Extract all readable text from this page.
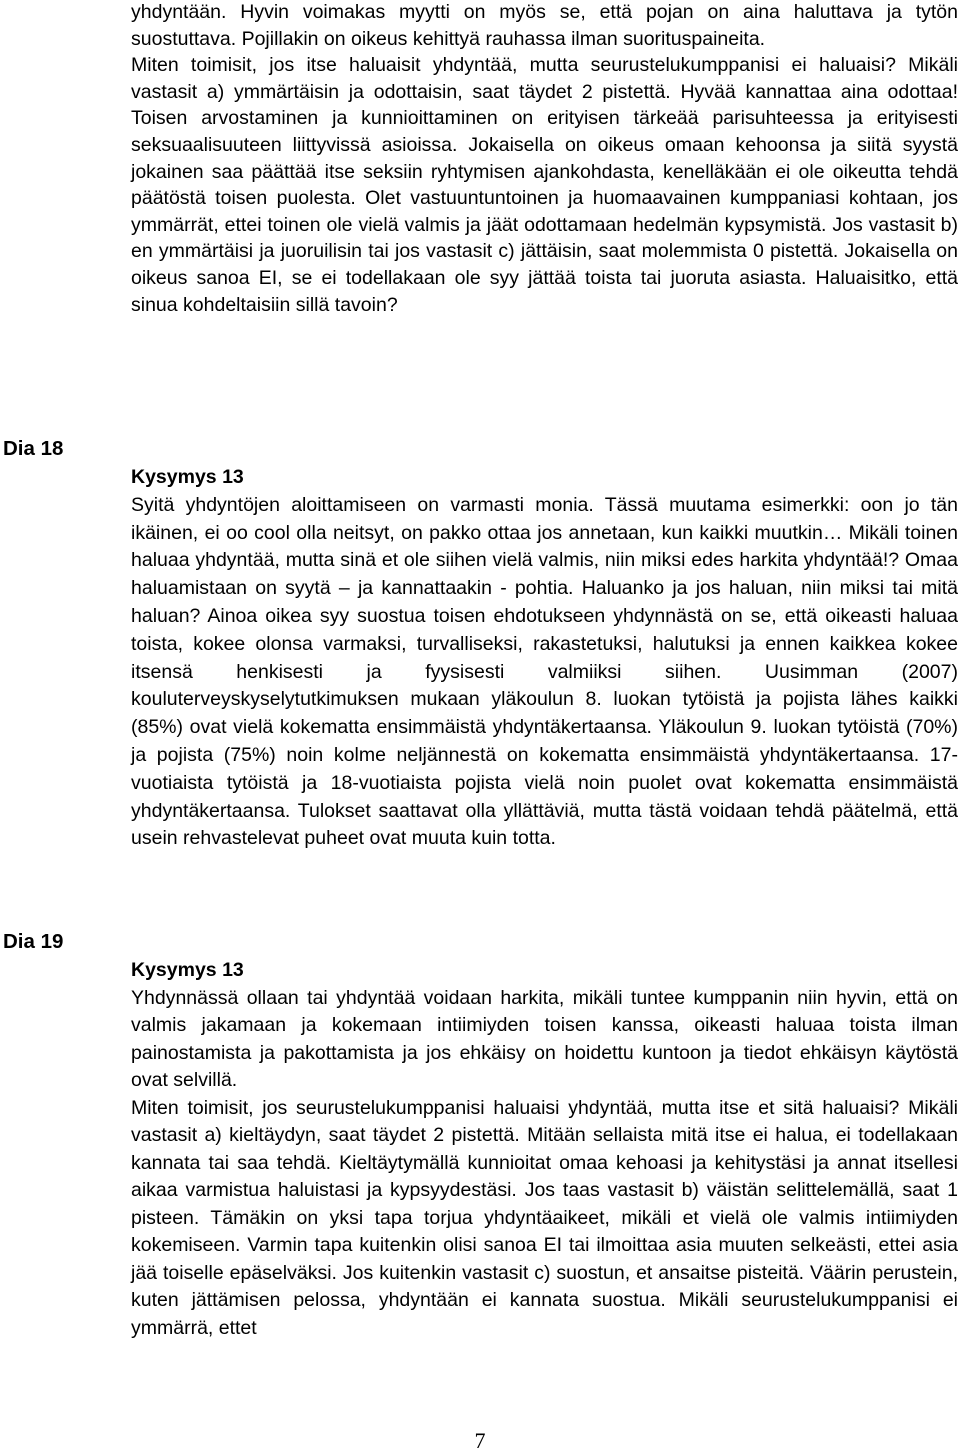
yhdyntään. Hyvin voimakas myytti on myös se, että pojan on aina haluttava ja tytön suostuttava. Pojillakin on oikeus kehittyä rauhassa ilman suorituspaineita.

Miten toimisit, jos itse haluaisit yhdyntää, mutta seurustelukumppanisi ei haluaisi? Mikäli vastasit a) ymmärtäisin ja odottaisin, saat täydet 2 pistettä. Hyvää kannattaa aina odottaa! Toisen arvostaminen ja kunnioittaminen on erityisen tärkeää parisuhteessa ja erityisesti seksuaalisuuteen liittyvissä asioissa. Jokaisella on oikeus omaan kehoonsa ja siitä syystä jokainen saa päättää itse seksiin ryhtymisen ajankohdasta, kenelläkään ei ole oikeutta tehdä päätöstä toisen puolesta. Olet vastuuntuntoinen ja huomaavainen kumppaniasi kohtaan, jos ymmärrät, ettei toinen ole vielä valmis ja jäät odottamaan hedelmän kypsymistä. Jos vastasit b) en ymmärtäisi ja juoruilisin tai jos vastasit c) jättäisin, saat molemmista 0 pistettä. Jokaisella on oikeus sanoa EI, se ei todellakaan ole syy jättää toista tai juoruta asiasta. Haluaisitko, että sinua kohdeltaisiin sillä tavoin?

Dia 18

Kysymys 13

Syitä yhdyntöjen aloittamiseen on varmasti monia. Tässä muutama esimerkki: oon jo tän ikäinen, ei oo cool olla neitsyt, on pakko ottaa jos annetaan, kun kaikki muutkin… Mikäli toinen haluaa yhdyntää, mutta sinä et ole siihen vielä valmis, niin miksi edes harkita yhdyntää!? Omaa haluamistaan on syytä – ja kannattaakin - pohtia. Haluanko ja jos haluan, niin miksi tai mitä haluan? Ainoa oikea syy suostua toisen ehdotukseen yhdynnästä on se, että oikeasti haluaa toista, kokee olonsa varmaksi, turvalliseksi, rakastetuksi, halutuksi ja ennen kaikkea kokee itsensä henkisesti ja fyysisesti valmiiksi siihen. Uusimman (2007) kouluterveyskyselytutkimuksen mukaan yläkoulun 8. luokan tytöistä ja pojista lähes kaikki (85%) ovat vielä kokematta ensimmäistä yhdyntäkertaansa. Yläkoulun 9. luokan tytöistä (70%) ja pojista (75%) noin kolme neljännestä on kokematta ensimmäistä yhdyntäkertaansa. 17-vuotiaista tytöistä ja 18-vuotiaista pojista vielä noin puolet ovat kokematta ensimmäistä yhdyntäkertaansa. Tulokset saattavat olla yllättäviä, mutta tästä voidaan tehdä päätelmä, että usein rehvastelevat puheet ovat muuta kuin totta.

Dia 19

Kysymys 13

Yhdynnässä ollaan tai yhdyntää voidaan harkita, mikäli tuntee kumppanin niin hyvin, että on valmis jakamaan ja kokemaan intiimiyden toisen kanssa, oikeasti haluaa toista ilman painostamista ja pakottamista ja jos ehkäisy on hoidettu kuntoon ja tiedot ehkäisyn käytöstä ovat selvillä.

Miten toimisit, jos seurustelukumppanisi haluaisi yhdyntää, mutta itse et sitä haluaisi? Mikäli vastasit a) kieltäydyn, saat täydet 2 pistettä. Mitään sellaista mitä itse ei halua, ei todellakaan kannata tai saa tehdä. Kieltäytymällä kunnioitat omaa kehoasi ja kehitystäsi ja annat itsellesi aikaa varmistua haluistasi ja kypsyydestäsi. Jos taas vastasit b) väistän selittelemällä, saat 1 pisteen. Tämäkin on yksi tapa torjua yhdyntäaikeet, mikäli et vielä ole valmis intiimiyden kokemiseen. Varmin tapa kuitenkin olisi sanoa EI tai ilmoittaa asia muuten selkeästi, ettei asia jää toiselle epäselväksi. Jos kuitenkin vastasit c) suostun, et ansaitse pisteitä. Väärin perustein, kuten jättämisen pelossa, yhdyntään ei kannata suostua. Mikäli seurustelukumppanisi ei ymmärrä, ettet

7
